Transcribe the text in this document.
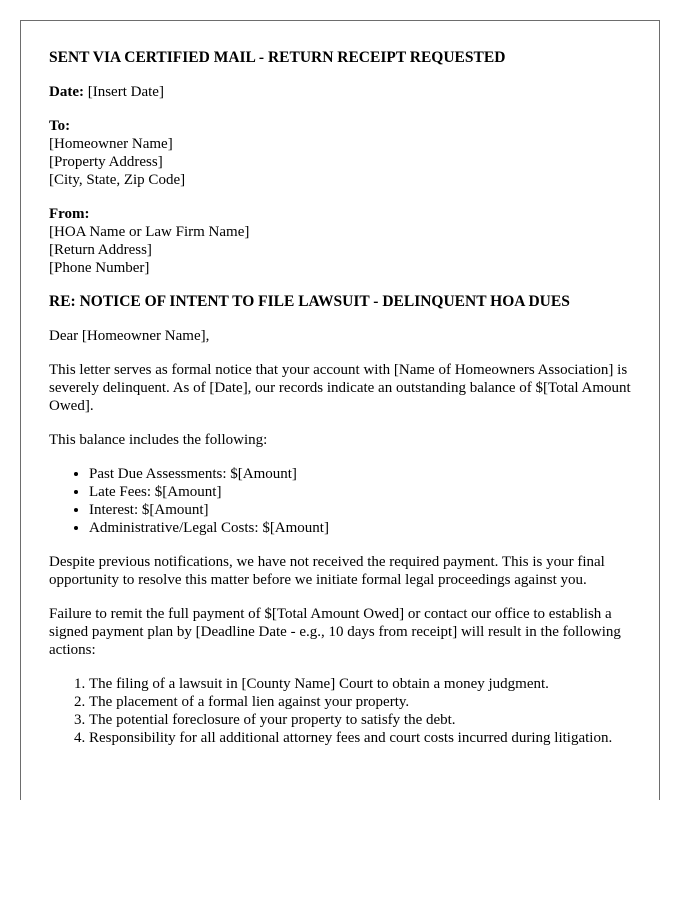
SENT VIA CERTIFIED MAIL - RETURN RECEIPT REQUESTED
Date: [Insert Date]
To:
[Homeowner Name]
[Property Address]
[City, State, Zip Code]
From:
[HOA Name or Law Firm Name]
[Return Address]
[Phone Number]
RE: NOTICE OF INTENT TO FILE LAWSUIT - DELINQUENT HOA DUES

Dear [Homeowner Name],

This letter serves as formal notice that your account with [Name of Homeowners Association] is severely delinquent. As of [Date], our records indicate an outstanding balance of $[Total Amount Owed].

This balance includes the following:

• Past Due Assessments: $[Amount]
• Late Fees: $[Amount]
• Interest: $[Amount]
• Administrative/Legal Costs: $[Amount]

Despite previous notifications, we have not received the required payment. This is your final opportunity to resolve this matter before we initiate formal legal proceedings against you.

Failure to remit the full payment of $[Total Amount Owed] or contact our office to establish a signed payment plan by [Deadline Date - e.g., 10 days from receipt] will result in the following actions:

1. The filing of a lawsuit in [County Name] Court to obtain a money judgment.
2. The placement of a formal lien against your property.
3. The potential foreclosure of your property to satisfy the debt.
4. Responsibility for all additional attorney fees and court costs incurred during litigation.
